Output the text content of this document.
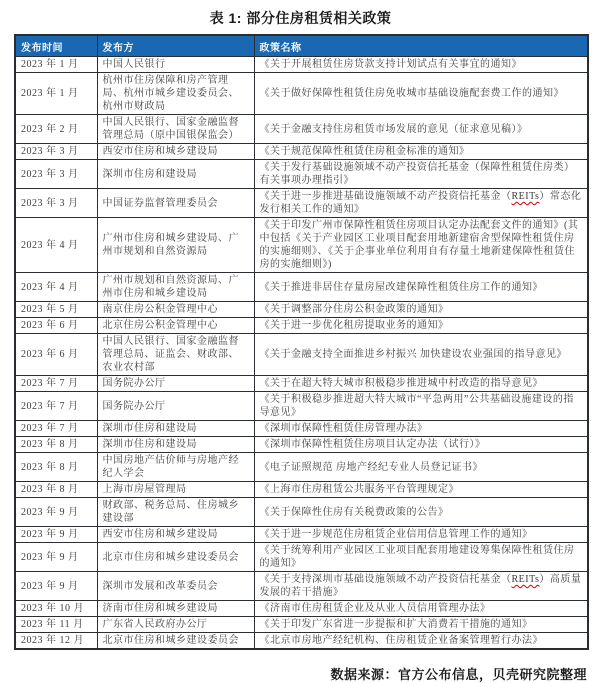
表 1: 部分住房租赁相关政策
发布时间	发布方	政策名称
2023 年 1 月	中国人民银行	《关于开展租赁住房贷款支持计划试点有关事宜的通知》
2023 年 1 月	杭州市住房保障和房产管理局、杭州市城乡建设委员会、杭州市财政局	《关于做好保障性租赁住房免收城市基础设施配套费工作的通知》
2023 年 2 月	中国人民银行、国家金融监督管理总局（原中国银保监会）	《关于金融支持住房租赁市场发展的意见（征求意见稿）》
2023 年 3 月	西安市住房和城乡建设局	《关于规范保障性租赁住房租金标准的通知》
2023 年 3 月	深圳市住房和建设局	《关于发行基础设施领域不动产投资信托基金（保障性租赁住房类）有关事项办理指引》
2023 年 3 月	中国证券监督管理委员会	《关于进一步推进基础设施领域不动产投资信托基金（REITs）常态化发行相关工作的通知》
2023 年 4 月	广州市住房和城乡建设局、广州市规划和自然资源局	《关于印发广州市保障性租赁住房项目认定办法配套文件的通知》(其中包括《关于产业园区工业项目配套用地新建宿舍型保障性租赁住房的实施细则》、《关于企事业单位利用自有存量土地新建保障性租赁住房的实施细则》)
2023 年 4 月	广州市规划和自然资源局、广州市住房和城乡建设局	《关于推进非居住存量房屋改建保障性租赁住房工作的通知》
2023 年 5 月	南京住房公积金管理中心	《关于调整部分住房公积金政策的通知》
2023 年 6 月	北京住房公积金管理中心	《关于进一步优化租房提取业务的通知》
2023 年 6 月	中国人民银行、国家金融监督管理总局、证监会、财政部、农业农村部	《关于金融支持全面推进乡村振兴 加快建设农业强国的指导意见》
2023 年 7 月	国务院办公厅	《关于在超大特大城市积极稳步推进城中村改造的指导意见》
2023 年 7 月	国务院办公厅	《关于积极稳步推进超大特大城市“平急两用”公共基础设施建设的指导意见》
2023 年 7 月	深圳市住房和建设局	《深圳市保障性租赁住房管理办法》
2023 年 8 月	深圳市住房和建设局	《深圳市保障性租赁住房项目认定办法（试行）》
2023 年 8 月	中国房地产估价师与房地产经纪人学会	《电子证照规范 房地产经纪专业人员登记证书》
2023 年 8 月	上海市房屋管理局	《上海市住房租赁公共服务平台管理规定》
2023 年 9 月	财政部、税务总局、住房城乡建设部	《关于保障性住房有关税费政策的公告》
2023 年 9 月	西安市住房和城乡建设局	《关于进一步规范住房租赁企业信用信息管理工作的通知》
2023 年 9 月	北京市住房和城乡建设委员会	《关于统筹利用产业园区工业项目配套用地建设筹集保障性租赁住房的通知》
2023 年 9 月	深圳市发展和改革委员会	《关于支持深圳市基础设施领域不动产投资信托基金（REITs）高质量发展的若干措施》
2023 年 10 月	济南市住房和城乡建设局	《济南市住房租赁企业及从业人员信用管理办法》
2023 年 11 月	广东省人民政府办公厅	《关于印发广东省进一步提振和扩大消费若干措施的通知》
2023 年 12 月	北京市住房和城乡建设委员会	《北京市房地产经纪机构、住房租赁企业备案管理暂行办法》
数据来源：官方公布信息，贝壳研究院整理
